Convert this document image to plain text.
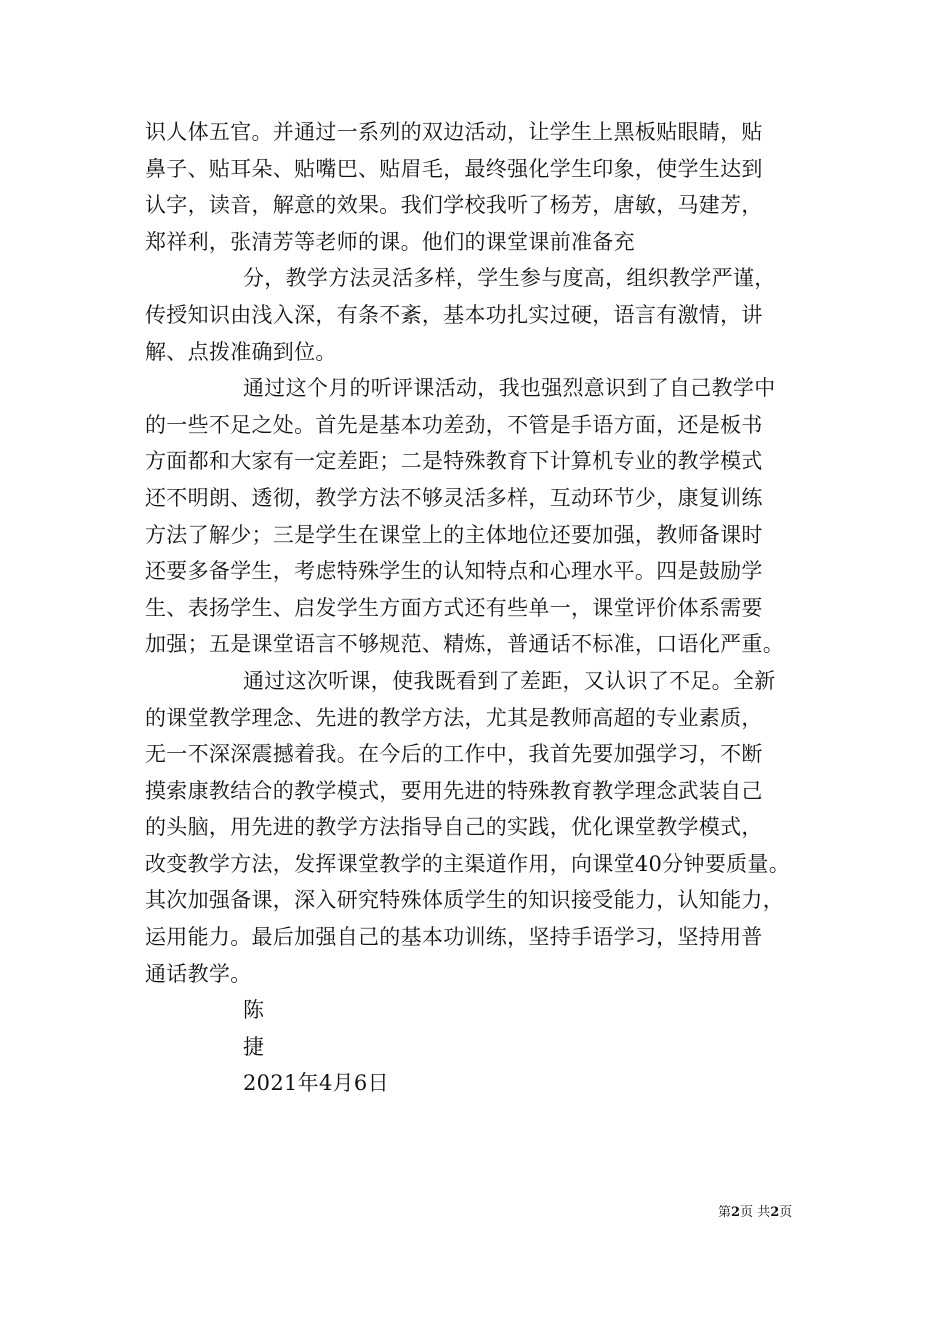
识人体五官。并通过一系列的双边活动，让学生上黑板贴眼睛，贴
鼻子、贴耳朵、贴嘴巴、贴眉毛，最终强化学生印象，使学生达到
认字，读音，解意的效果。我们学校我听了杨芳，唐敏，马建芳，
郑祥利，张清芳等老师的课。他们的课堂课前准备充
分，教学方法灵活多样，学生参与度高，组织教学严谨，
传授知识由浅入深，有条不紊，基本功扎实过硬，语言有激情，讲
解、点拨准确到位。
通过这个月的听评课活动，我也强烈意识到了自己教学中
的一些不足之处。首先是基本功差劲，不管是手语方面，还是板书
方面都和大家有一定差距；二是特殊教育下计算机专业的教学模式
还不明朗、透彻，教学方法不够灵活多样，互动环节少，康复训练
方法了解少；三是学生在课堂上的主体地位还要加强，教师备课时
还要多备学生，考虑特殊学生的认知特点和心理水平。四是鼓励学
生、表扬学生、启发学生方面方式还有些单一，课堂评价体系需要
加强；五是课堂语言不够规范、精炼，普通话不标准，口语化严重。
通过这次听课，使我既看到了差距，又认识了不足。全新
的课堂教学理念、先进的教学方法，尤其是教师高超的专业素质，
无一不深深震撼着我。在今后的工作中，我首先要加强学习，不断
摸索康教结合的教学模式，要用先进的特殊教育教学理念武装自己
的头脑，用先进的教学方法指导自己的实践，优化课堂教学模式，
改变教学方法，发挥课堂教学的主渠道作用，向课堂40分钟要质量。
其次加强备课，深入研究特殊体质学生的知识接受能力，认知能力，
运用能力。最后加强自己的基本功训练，坚持手语学习，坚持用普
通话教学。
陈
捷
2021年4月6日
第2页 共2页
